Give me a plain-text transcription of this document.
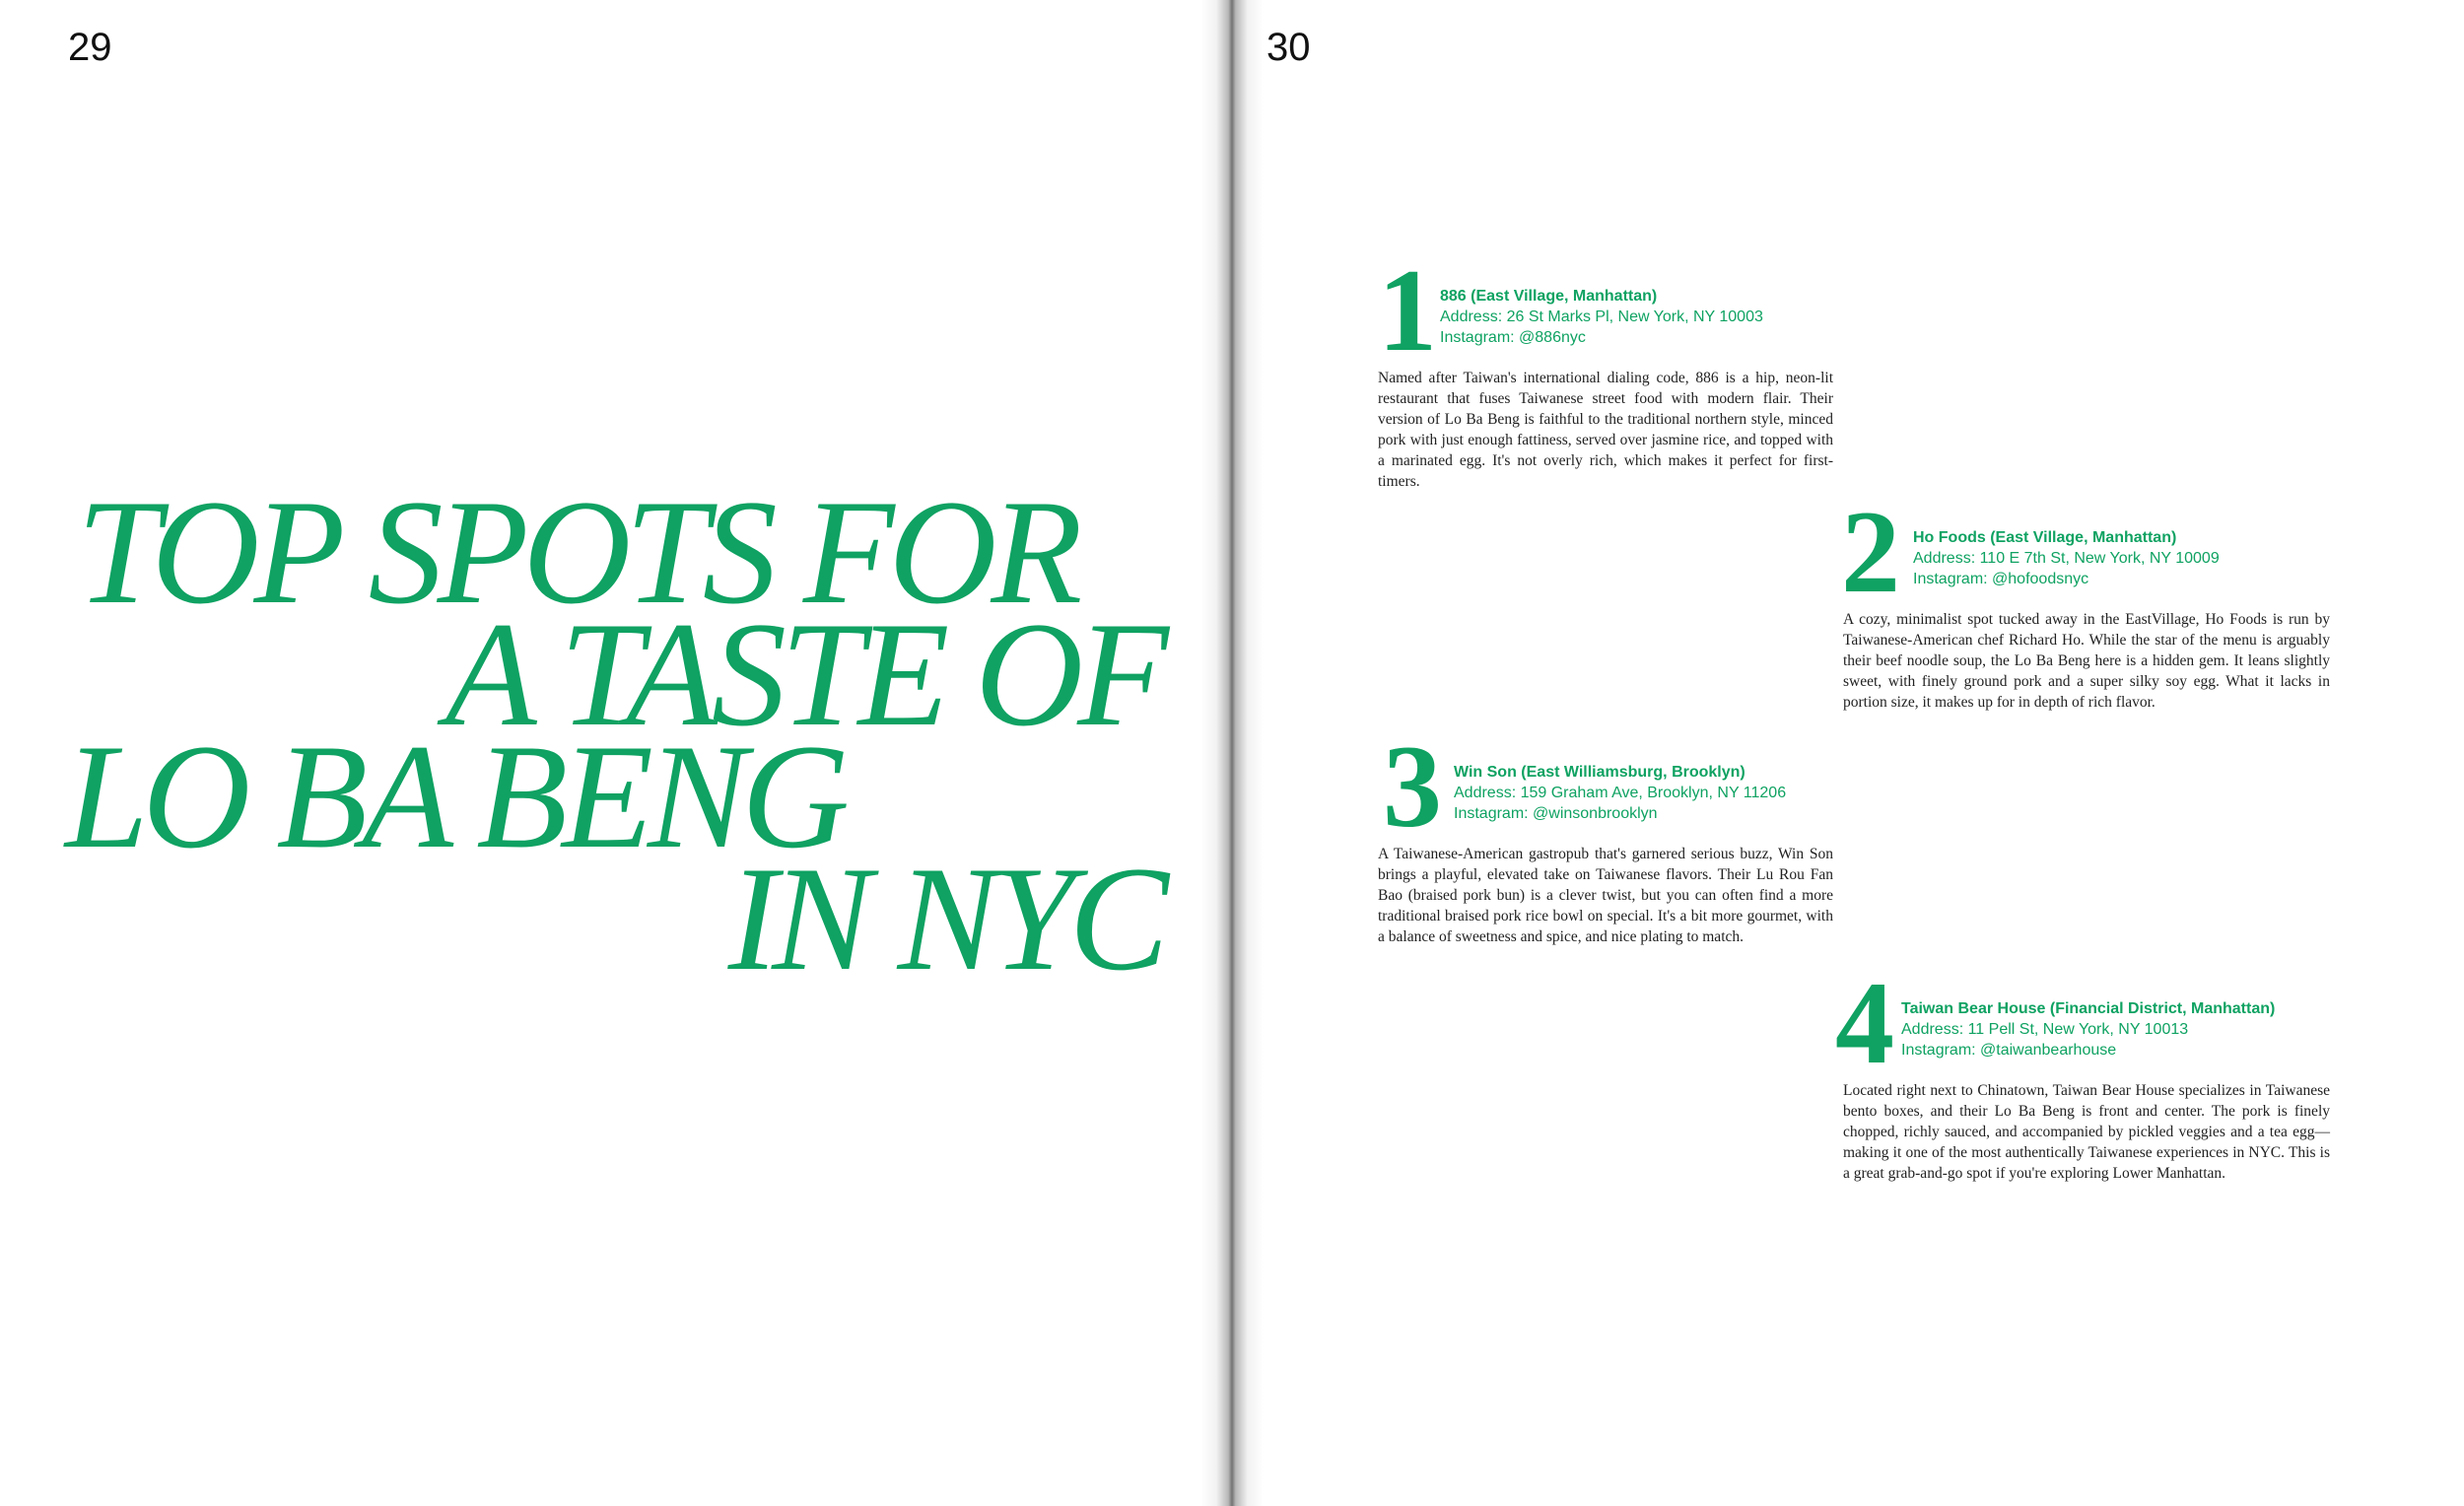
29
TOP SPOTS FOR
A TASTE OF
LO BA BENG
IN NYC
30
1 886 (East Village, Manhattan)
Address: 26 St Marks Pl, New York, NY 10003
Instagram: @886nyc

Named after Taiwan's international dialing code, 886 is a hip, neon-lit restaurant that fuses Taiwanese street food with modern flair. Their version of Lo Ba Beng is faithful to the traditional northern style, minced pork with just enough fattiness, served over jasmine rice, and topped with a marinated egg. It's not overly rich, which makes it perfect for first-timers.

2 Ho Foods (East Village, Manhattan)
Address: 110 E 7th St, New York, NY 10009
Instagram: @hofoodsnyc

A cozy, minimalist spot tucked away in the EastVillage, Ho Foods is run by Taiwanese-American chef Richard Ho. While the star of the menu is arguably their beef noodle soup, the Lo Ba Beng here is a hidden gem. It leans slightly sweet, with finely ground pork and a super silky soy egg. What it lacks in portion size, it makes up for in depth of rich flavor.

3 Win Son (East Williamsburg, Brooklyn)
Address: 159 Graham Ave, Brooklyn, NY 11206
Instagram: @winsonbrooklyn

A Taiwanese-American gastropub that's garnered serious buzz, Win Son brings a playful, elevated take on Taiwanese flavors. Their Lu Rou Fan Bao (braised pork bun) is a clever twist, but you can often find a more traditional braised pork rice bowl on special. It's a bit more gourmet, with a balance of sweetness and spice, and nice plating to match.

4 Taiwan Bear House (Financial District, Manhattan)
Address: 11 Pell St, New York, NY 10013
Instagram: @taiwanbearhouse

Located right next to Chinatown, Taiwan Bear House specializes in Taiwanese bento boxes, and their Lo Ba Beng is front and center. The pork is finely chopped, richly sauced, and accompanied by pickled veggies and a tea egg—making it one of the most authentically Taiwanese experiences in NYC. This is a great grab-and-go spot if you're exploring Lower Manhattan.
